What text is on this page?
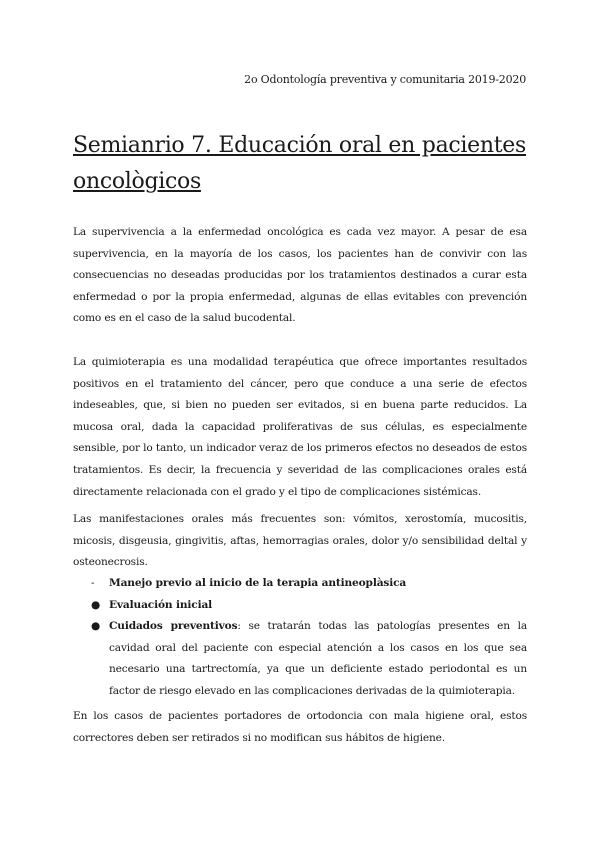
2o Odontología preventiva y comunitaria 2019-2020
Semianrio 7. Educación oral en pacientes
oncològicos

La supervivencia a la enfermedad oncológica es cada vez mayor. A pesar de esa supervivencia, en la mayoría de los casos, los pacientes han de convivir con las consecuencias no deseadas producidas por los tratamientos destinados a curar esta enfermedad o por la propia enfermedad, algunas de ellas evitables con prevención como es en el caso de la salud bucodental.

La quimioterapia es una modalidad terapéutica que ofrece importantes resultados positivos en el tratamiento del cáncer, pero que conduce a una serie de efectos indeseables, que, si bien no pueden ser evitados, si en buena parte reducidos. La mucosa oral, dada la capacidad proliferativas de sus células, es especialmente sensible, por lo tanto, un indicador veraz de los primeros efectos no deseados de estos tratamientos. Es decir, la frecuencia y severidad de las complicaciones orales está directamente relacionada con el grado y el tipo de complicaciones sistémicas.

Las manifestaciones orales más frecuentes son: vómitos, xerostomía, mucositis, micosis, disgeusia, gingivitis, aftas, hemorragias orales, dolor y/o sensibilidad deltal y osteonecrosis.

- Manejo previo al inicio de la terapia antineoplàsica
● Evaluación inicial
● Cuidados preventivos: se tratarán todas las patologías presentes en la cavidad oral del paciente con especial atención a los casos en los que sea necesario una tartrectomía, ya que un deficiente estado periodontal es un factor de riesgo elevado en las complicaciones derivadas de la quimioterapia.

En los casos de pacientes portadores de ortodoncia con mala higiene oral, estos correctores deben ser retirados si no modifican sus hábitos de higiene.
